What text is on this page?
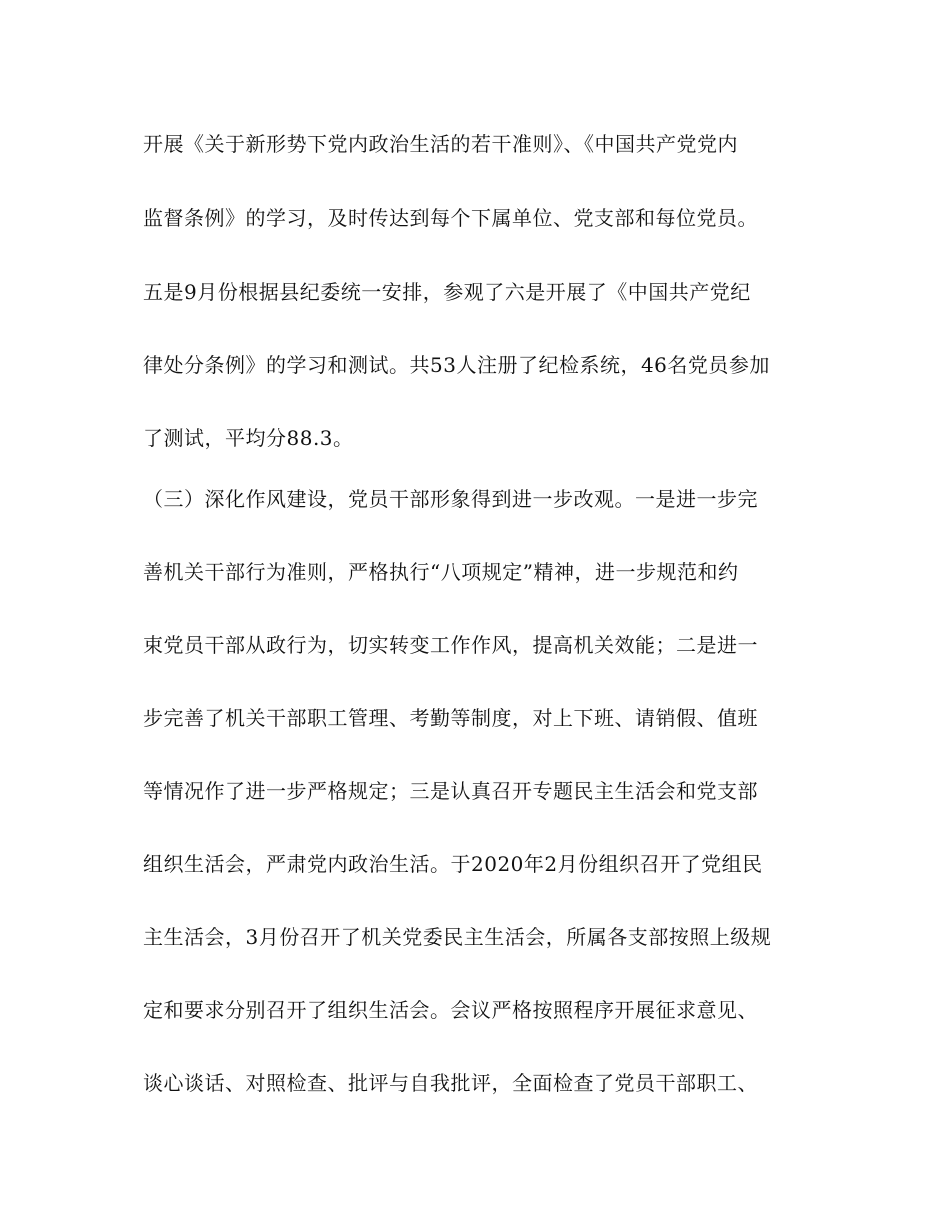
开展《关于新形势下党内政治生活的若干准则》、《中国共产党党内
监督条例》的学习，及时传达到每个下属单位、党支部和每位党员。
五是9月份根据县纪委统一安排，参观了六是开展了《中国共产党纪
律处分条例》的学习和测试。共53人注册了纪检系统，46名党员参加
了测试，平均分88.3。
（三）深化作风建设，党员干部形象得到进一步改观。一是进一步完
善机关干部行为准则，严格执行“八项规定”精神，进一步规范和约
束党员干部从政行为，切实转变工作作风，提高机关效能；二是进一
步完善了机关干部职工管理、考勤等制度，对上下班、请销假、值班
等情况作了进一步严格规定；三是认真召开专题民主生活会和党支部
组织生活会，严肃党内政治生活。于2020年2月份组织召开了党组民
主生活会，3月份召开了机关党委民主生活会，所属各支部按照上级规
定和要求分别召开了组织生活会。会议严格按照程序开展征求意见、
谈心谈话、对照检查、批评与自我批评，全面检查了党员干部职工、
